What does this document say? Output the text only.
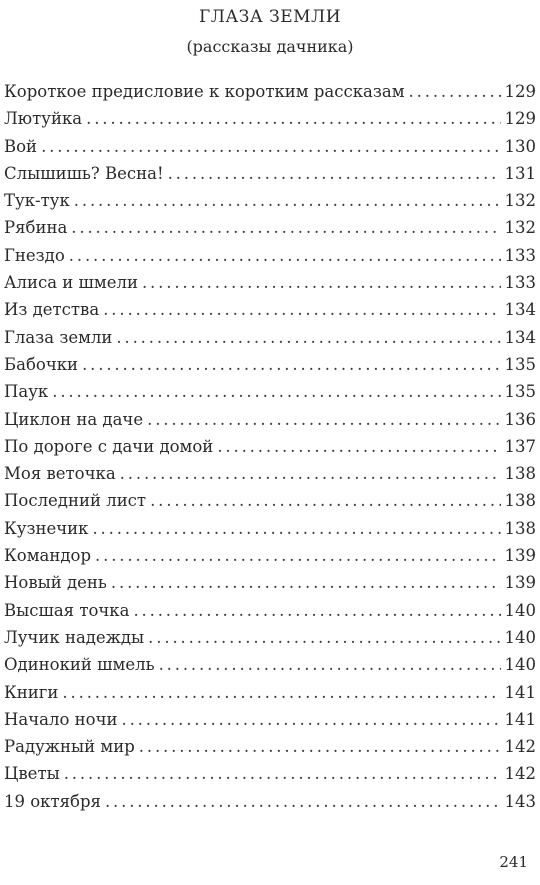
ГЛАЗА ЗЕМЛИ
(рассказы дачника)
Короткое предисловие к коротким рассказам . . .	129
Лютуйка . . .	129
Вой . . .	130
Слышишь? Весна! . . .	131
Тук-тук . . .	132
Рябина . . .	132
Гнездо . . .	133
Алиса и шмели . . .	133
Из детства . . .	134
Глаза земли . . .	134
Бабочки . . .	135
Паук . . .	135
Циклон на даче . . .	136
По дороге с дачи домой . . .	137
Моя веточка . . .	138
Последний лист . . .	138
Кузнечик . . .	138
Командор . . .	139
Новый день . . .	139
Высшая точка . . .	140
Лучик надежды . . .	140
Одинокий шмель . . .	140
Книги . . .	141
Начало ночи . . .	141
Радужный мир . . .	142
Цветы . . .	142
19 октября . . .	143
241
